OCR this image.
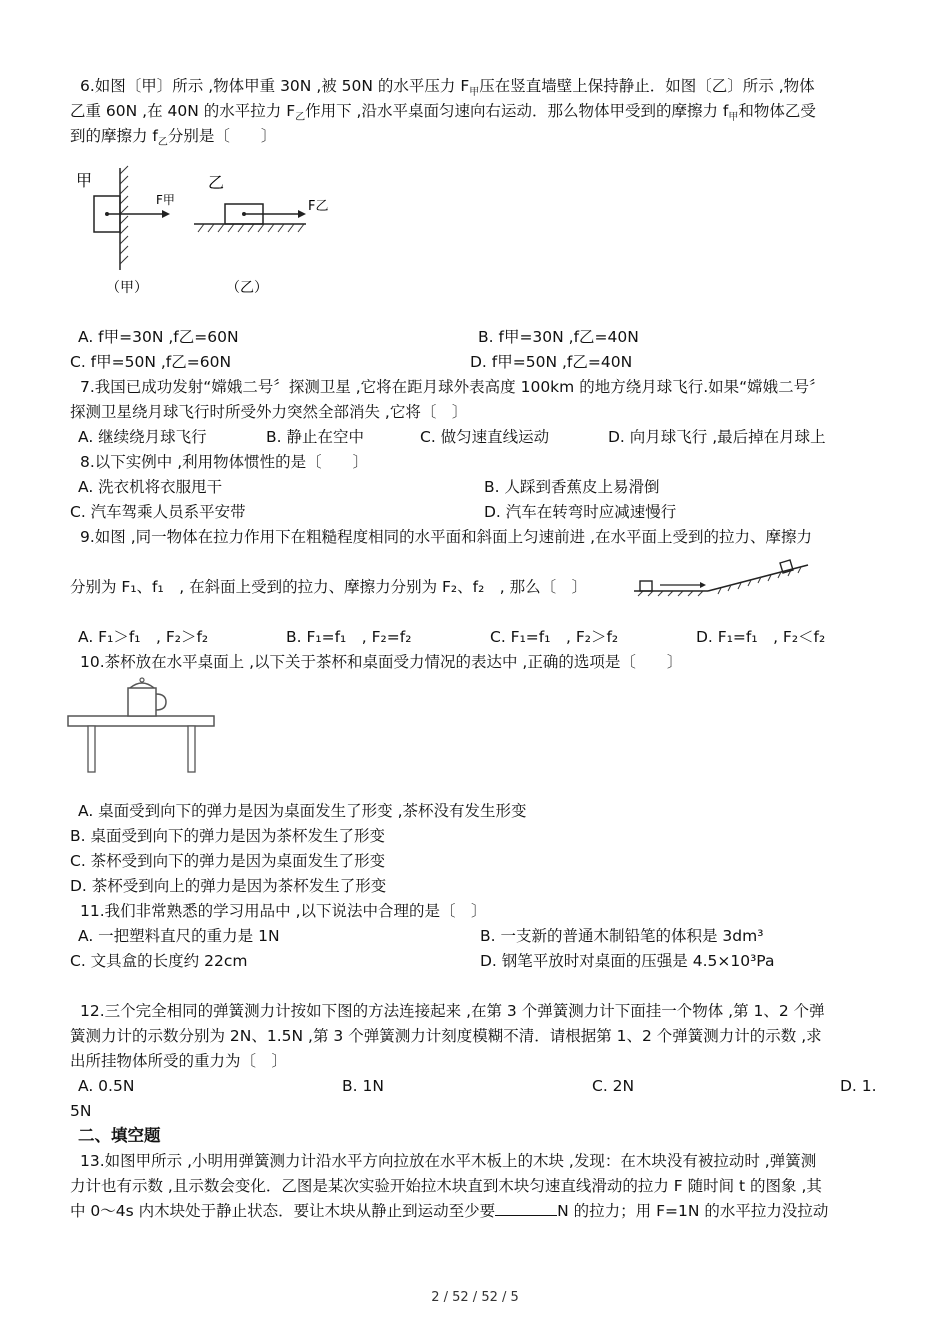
6.如图〔甲〕所示 ,物体甲重 30N ,被 50N 的水平压力 $F_甲$压在竖直墙壁上保持静止．如图〔乙〕所示 ,物体
乙重 60N ,在 40N 的水平拉力 $F_乙$作用下 ,沿水平桌面匀速向右运动．那么物体甲受到的摩擦力 $f_甲$和物体乙受
到的摩擦力 $f_乙$分别是〔　　〕
甲
F甲
（甲）
乙
F乙
（乙）
A. f甲=30N ,f乙=60N	B. f甲=30N ,f乙=40N
C. f甲=50N ,f乙=60N	D. f甲=50N ,f乙=40N
7.我国已成功发射“嫦娥二号〞探测卫星 ,它将在距月球外表高度 100km 的地方绕月球飞行.如果“嫦娥二号〞
探测卫星绕月球飞行时所受外力突然全部消失 ,它将〔　〕
A. 继续绕月球飞行	B. 静止在空中	C. 做匀速直线运动	D. 向月球飞行 ,最后掉在月球上
8.以下实例中 ,利用物体惯性的是〔　　〕
A. 洗衣机将衣服甩干	B. 人踩到香蕉皮上易滑倒
C. 汽车驾乘人员系平安带	D. 汽车在转弯时应减速慢行
9.如图 ,同一物体在拉力作用下在粗糙程度相同的水平面和斜面上匀速前进 ,在水平面上受到的拉力、摩擦力
分别为 F₁、f₁　, 在斜面上受到的拉力、摩擦力分别为 F₂、f₂　, 那么〔　〕
A. F₁＞f₁　, F₂＞f₂	B. F₁=f₁　, F₂=f₂	C. F₁=f₁　, F₂＞f₂	D. F₁=f₁　, F₂＜f₂
10.茶杯放在水平桌面上 ,以下关于茶杯和桌面受力情况的表达中 ,正确的选项是〔　　〕
A. 桌面受到向下的弹力是因为桌面发生了形变 ,茶杯没有发生形变
B. 桌面受到向下的弹力是因为茶杯发生了形变
C. 茶杯受到向下的弹力是因为桌面发生了形变
D. 茶杯受到向上的弹力是因为茶杯发生了形变
11.我们非常熟悉的学习用品中 ,以下说法中合理的是〔　〕
A. 一把塑料直尺的重力是 1N	B. 一支新的普通木制铅笔的体积是 3dm³
C. 文具盒的长度约 22cm	D. 钢笔平放时对桌面的压强是 4.5×10³Pa
12.三个完全相同的弹簧测力计按如下图的方法连接起来 ,在第 3 个弹簧测力计下面挂一个物体 ,第 1、2 个弹
簧测力计的示数分别为 2N、1.5N ,第 3 个弹簧测力计刻度模糊不清．请根据第 1、2 个弹簧测力计的示数 ,求
出所挂物体所受的重力为〔　〕
A. 0.5N	B. 1N	C. 2N	D. 1.
5N
二、填空题
13.如图甲所示 ,小明用弹簧测力计沿水平方向拉放在水平木板上的木块 ,发现：在木块没有被拉动时 ,弹簧测
力计也有示数 ,且示数会变化．乙图是某次实验开始拉木块直到木块匀速直线滑动的拉力 F 随时间 t 的图象 ,其
中 0～4s 内木块处于静止状态．要让木块从静止到运动至少要	N 的拉力；用 F=1N 的水平拉力没拉动
2 / 52 / 52 / 5
